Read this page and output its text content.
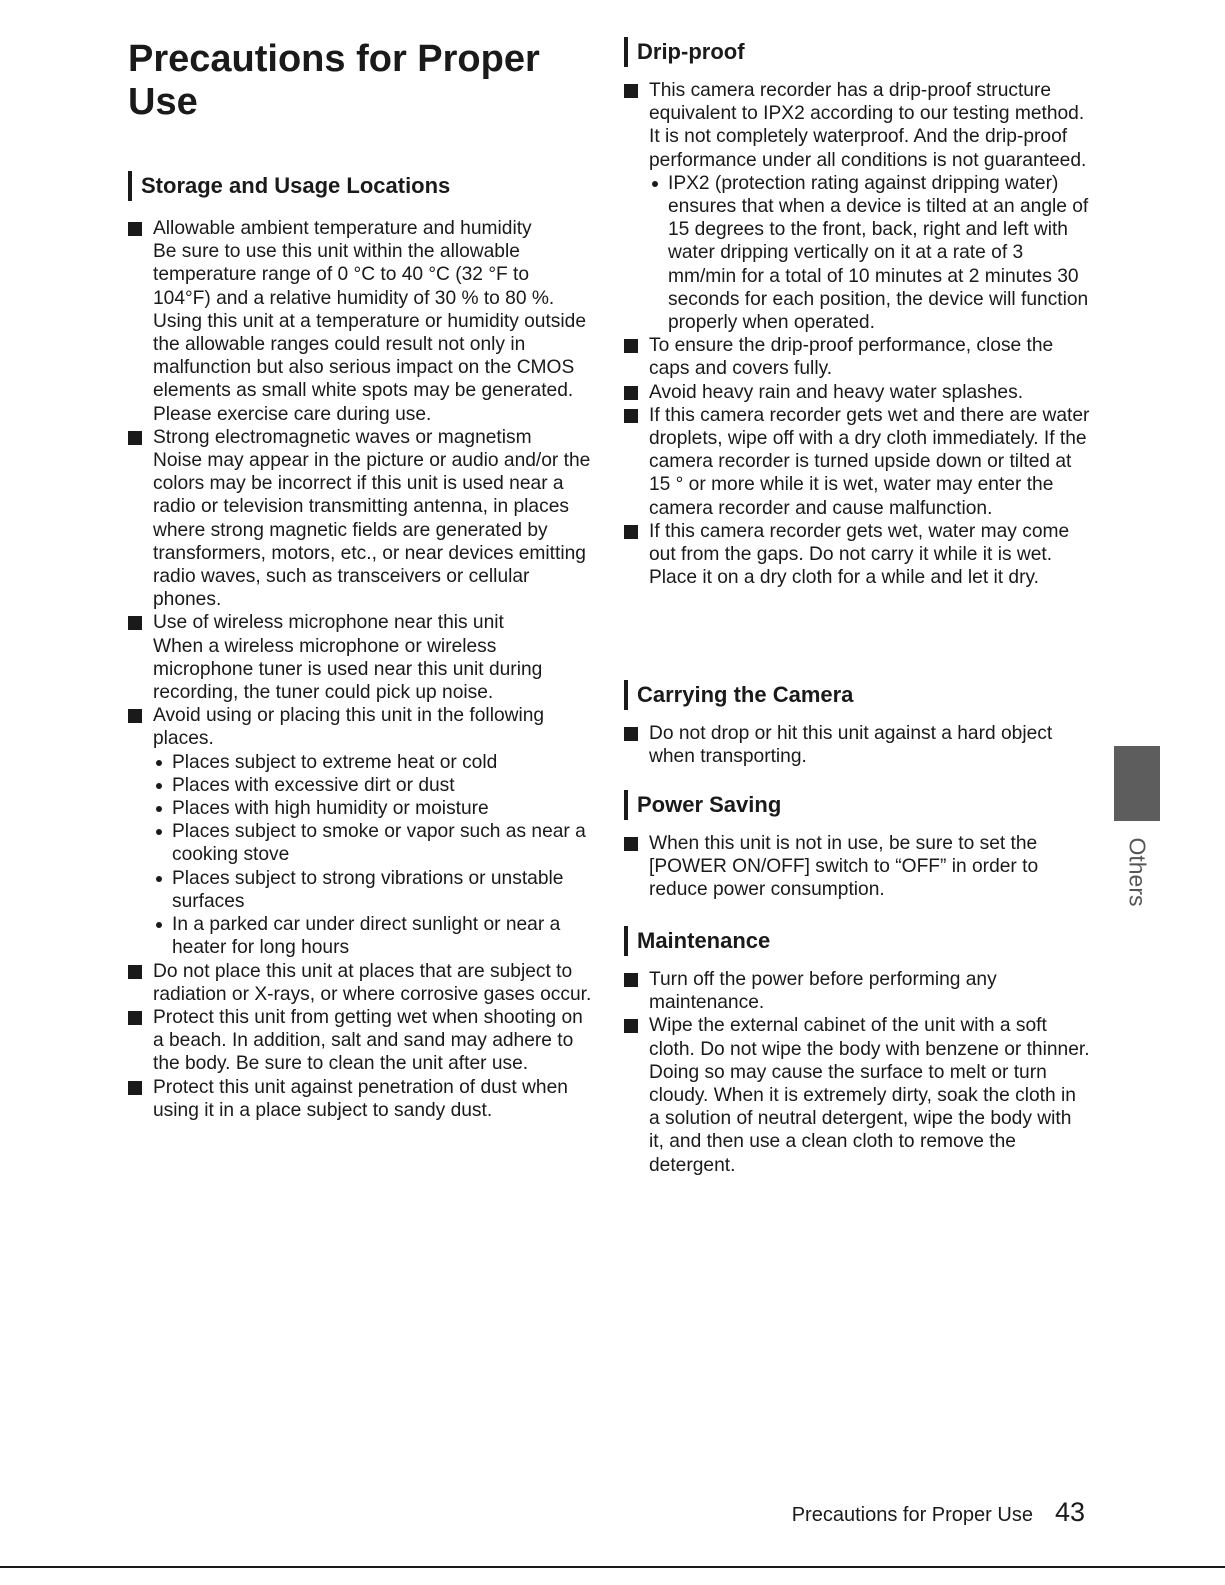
Precautions for Proper Use
Storage and Usage Locations

Allowable ambient temperature and humidity

Be sure to use this unit within the allowable temperature range of 0 °C to 40 °C (32 °F to 104°F) and a relative humidity of 30 % to 80 %. Using this unit at a temperature or humidity outside the allowable ranges could result not only in malfunction but also serious impact on the CMOS elements as small white spots may be generated. Please exercise care during use.

Strong electromagnetic waves or magnetism

Noise may appear in the picture or audio and/or the colors may be incorrect if this unit is used near a radio or television transmitting antenna, in places where strong magnetic fields are generated by transformers, motors, etc., or near devices emitting radio waves, such as transceivers or cellular phones.

Use of wireless microphone near this unit

When a wireless microphone or wireless microphone tuner is used near this unit during recording, the tuner could pick up noise.

Avoid using or placing this unit in the following places.

Places subject to extreme heat or cold
Places with excessive dirt or dust
Places with high humidity or moisture
Places subject to smoke or vapor such as near a cooking stove
Places subject to strong vibrations or unstable surfaces
In a parked car under direct sunlight or near a heater for long hours

Do not place this unit at places that are subject to radiation or X-rays, or where corrosive gases occur.

Protect this unit from getting wet when shooting on a beach. In addition, salt and sand may adhere to the body. Be sure to clean the unit after use.

Protect this unit against penetration of dust when using it in a place subject to sandy dust.

Drip-proof

This camera recorder has a drip-proof structure equivalent to IPX2 according to our testing method. It is not completely waterproof. And the drip-proof performance under all conditions is not guaranteed.

IPX2 (protection rating against dripping water) ensures that when a device is tilted at an angle of 15 degrees to the front, back, right and left with water dripping vertically on it at a rate of 3 mm/min for a total of 10 minutes at 2 minutes 30 seconds for each position, the device will function properly when operated.

To ensure the drip-proof performance, close the caps and covers fully.

Avoid heavy rain and heavy water splashes.

If this camera recorder gets wet and there are water droplets, wipe off with a dry cloth immediately. If the camera recorder is turned upside down or tilted at 15 ° or more while it is wet, water may enter the camera recorder and cause malfunction.

If this camera recorder gets wet, water may come out from the gaps. Do not carry it while it is wet. Place it on a dry cloth for a while and let it dry.

Carrying the Camera

Do not drop or hit this unit against a hard object when transporting.

Power Saving

When this unit is not in use, be sure to set the [POWER ON/OFF] switch to “OFF” in order to reduce power consumption.

Maintenance

Turn off the power before performing any maintenance.

Wipe the external cabinet of the unit with a soft cloth. Do not wipe the body with benzene or thinner. Doing so may cause the surface to melt or turn cloudy. When it is extremely dirty, soak the cloth in a solution of neutral detergent, wipe the body with it, and then use a clean cloth to remove the detergent.

Others
Precautions for Proper Use 43
